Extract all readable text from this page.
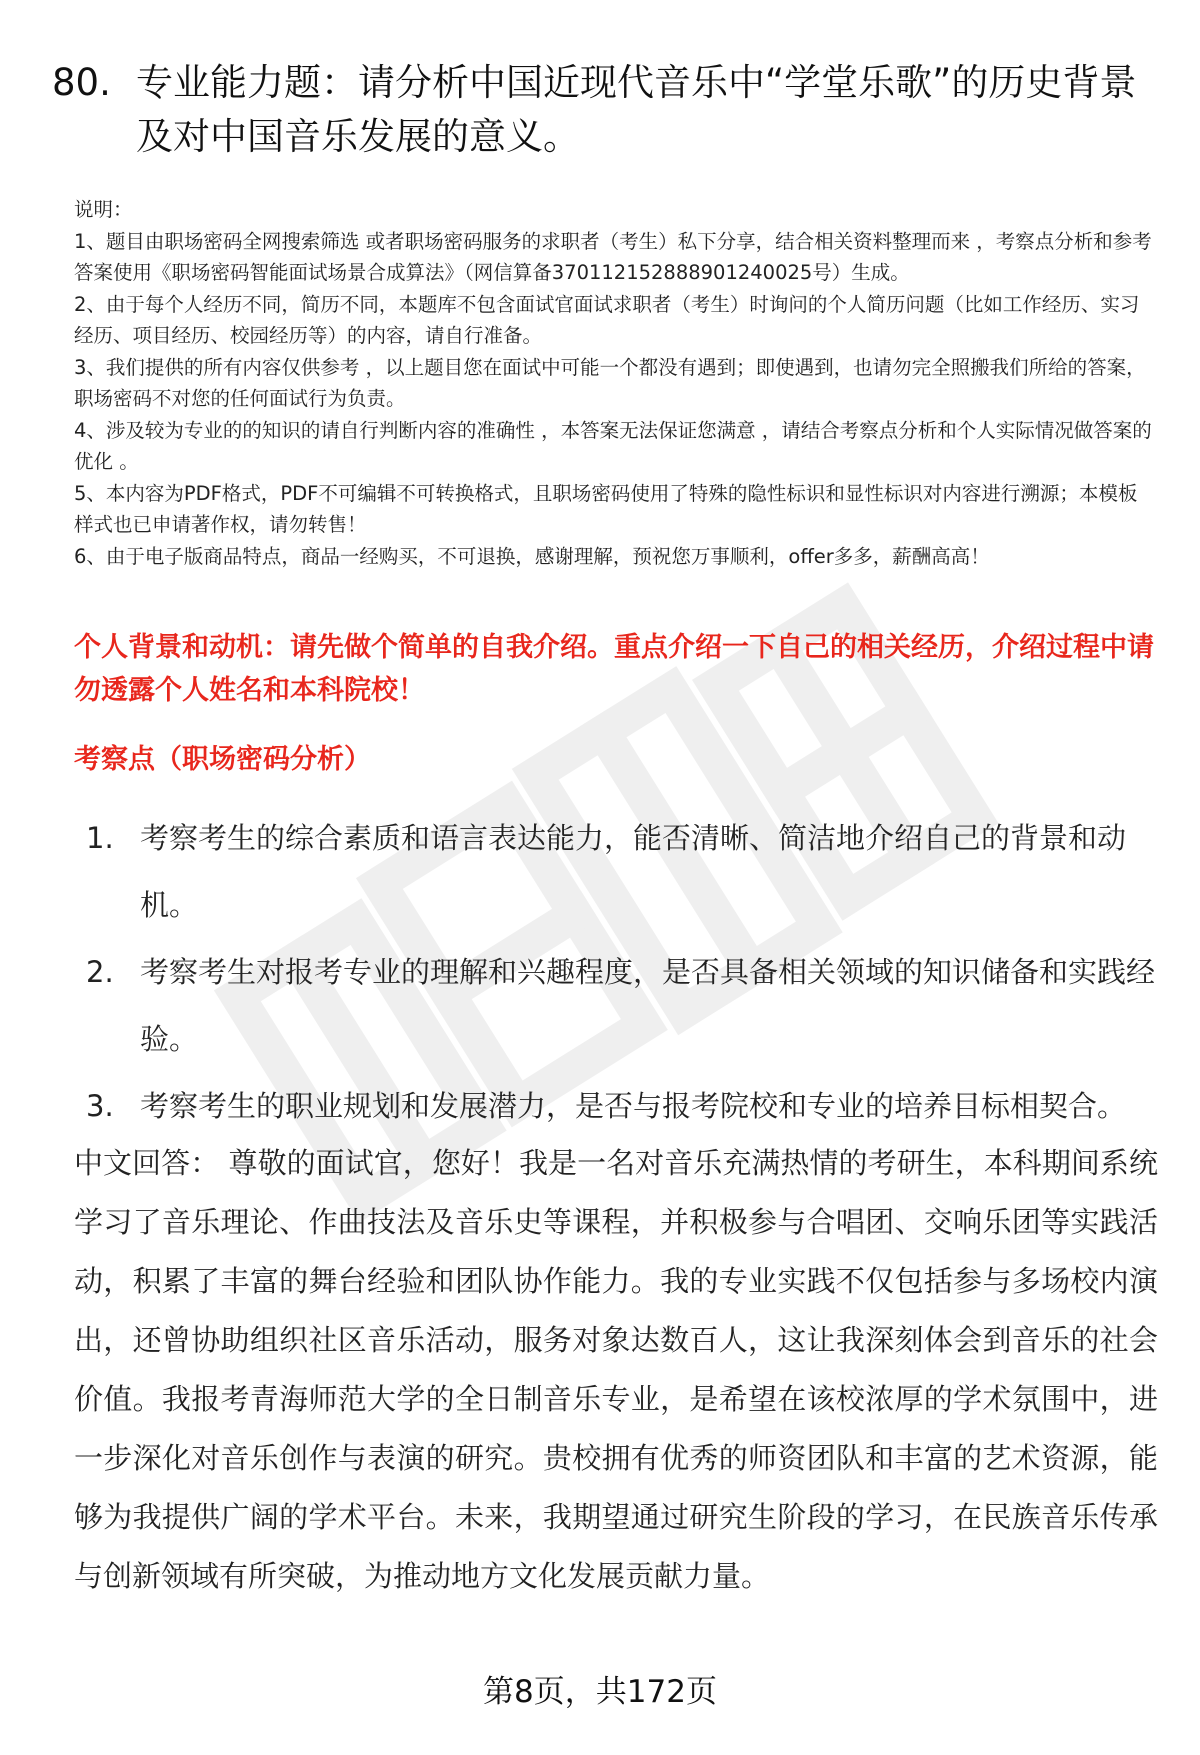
80. 专业能力题：请分析中国近现代音乐中“学堂乐歌”的历史背景及对中国音乐发展的意义。

说明：

1、题目由职场密码全网搜索筛选 或者职场密码服务的求职者（考生）私下分享，结合相关资料整理而来 ，考察点分析和参考答案使用《职场密码智能面试场景合成算法》（网信算备370112152888901240025号）生成。

2、由于每个人经历不同，简历不同，本题库不包含面试官面试求职者（考生）时询问的个人简历问题（比如工作经历、实习经历、项目经历、校园经历等）的内容，请自行准备。

3、我们提供的所有内容仅供参考 ，以上题目您在面试中可能一个都没有遇到；即使遇到，也请勿完全照搬我们所给的答案，职场密码不对您的任何面试行为负责。

4、涉及较为专业的的知识的请自行判断内容的准确性 ，本答案无法保证您满意 ，请结合考察点分析和个人实际情况做答案的优化 。

5、本内容为PDF格式，PDF不可编辑不可转换格式，且职场密码使用了特殊的隐性标识和显性标识对内容进行溯源；本模板样式也已申请著作权，请勿转售！

6、由于电子版商品特点，商品一经购买，不可退换，感谢理解，预祝您万事顺利，offer多多，薪酬高高！

个人背景和动机：请先做个简单的自我介绍。重点介绍一下自己的相关经历，介绍过程中请勿透露个人姓名和本科院校！
考察点（职场密码分析）
1. 考察考生的综合素质和语言表达能力，能否清晰、简洁地介绍自己的背景和动机。
2. 考察考生对报考专业的理解和兴趣程度，是否具备相关领域的知识储备和实践经验。
3. 考察考生的职业规划和发展潜力，是否与报考院校和专业的培养目标相契合。
中文回答： 尊敬的面试官，您好！我是一名对音乐充满热情的考研生，本科期间系统学习了音乐理论、作曲技法及音乐史等课程，并积极参与合唱团、交响乐团等实践活动，积累了丰富的舞台经验和团队协作能力。我的专业实践不仅包括参与多场校内演出，还曾协助组织社区音乐活动，服务对象达数百人，这让我深刻体会到音乐的社会价值。我报考青海师范大学的全日制音乐专业，是希望在该校浓厚的学术氛围中，进一步深化对音乐创作与表演的研究。贵校拥有优秀的师资团队和丰富的艺术资源，能够为我提供广阔的学术平台。未来，我期望通过研究生阶段的学习，在民族音乐传承与创新领域有所突破，为推动地方文化发展贡献力量。
第8页，共172页
